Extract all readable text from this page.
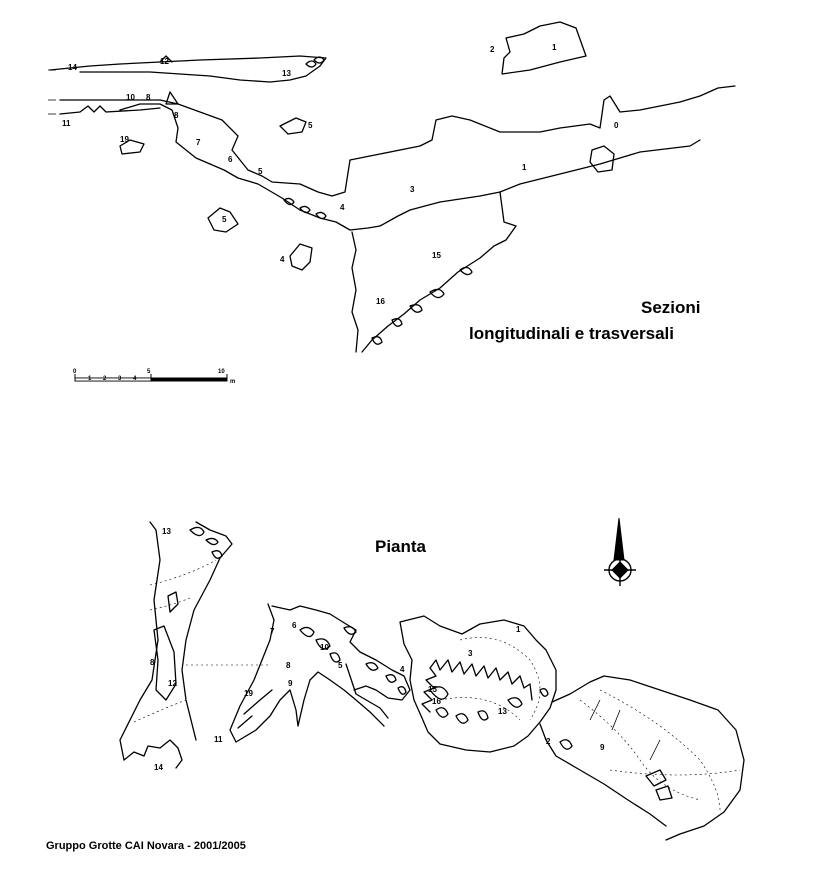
14
12
13
10 8
8
11
19	7
6
5
5
4
4
5
3
1
0
2	1
15
16	Sezioni
longitudinali e trasversali
0
1 2 3 4
5	10
m
Pianta
13
8
12
14
7
6
5
8
9
19
11
10
4
3
16
15
13
1
2
9
Gruppo Grotte CAI Novara - 2001/2005
